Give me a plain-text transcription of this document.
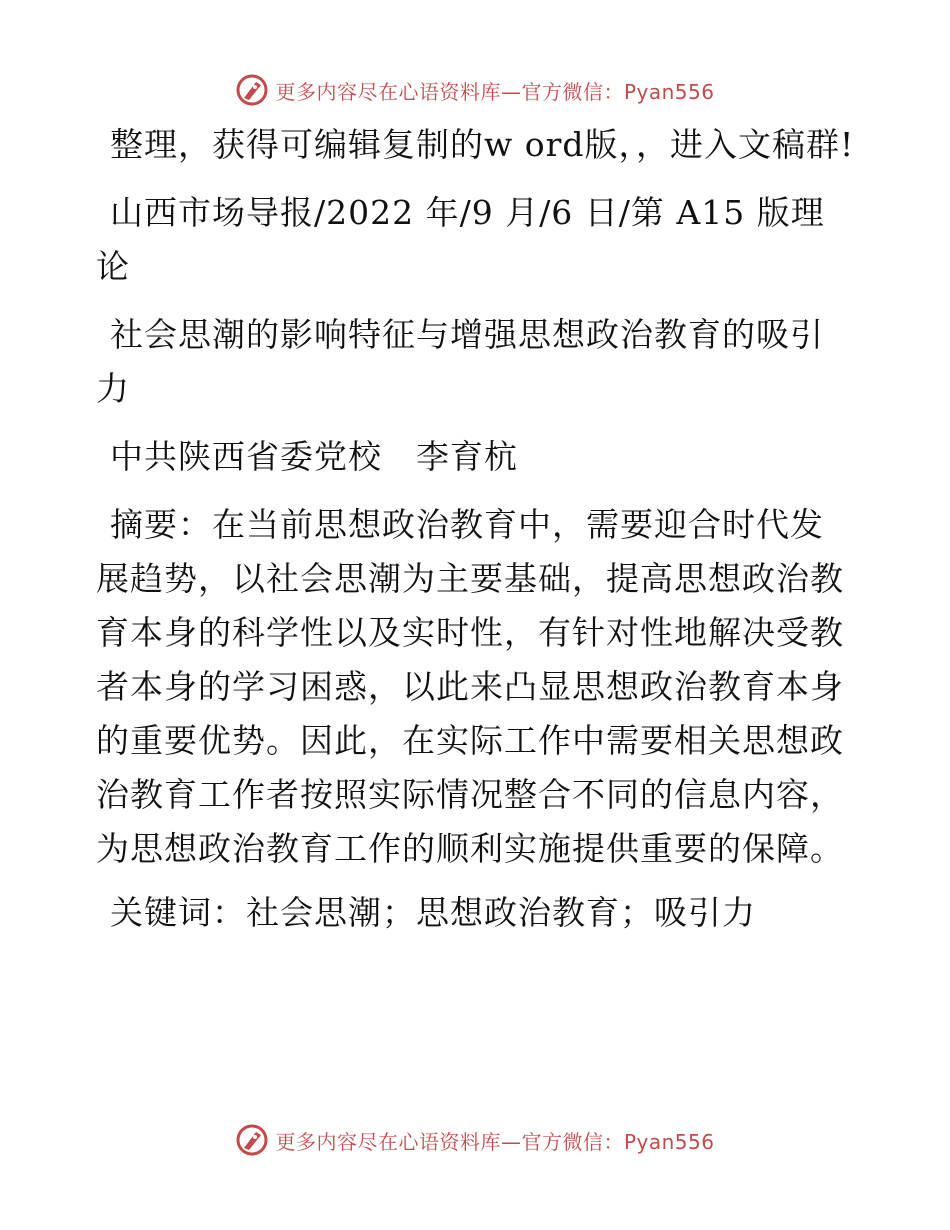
更多内容尽在心语资料库—官方微信：Pyan556

整理，获得可编辑复制的w ord版，，进入文稿群!

山西市场导报/2022 年/9 月/6 日/第 A15 版理论

社会思潮的影响特征与增强思想政治教育的吸引力

中共陕西省委党校　李育杭

摘要：在当前思想政治教育中，需要迎合时代发展趋势，以社会思潮为主要基础，提高思想政治教育本身的科学性以及实时性，有针对性地解决受教者本身的学习困惑，以此来凸显思想政治教育本身的重要优势。因此，在实际工作中需要相关思想政治教育工作者按照实际情况整合不同的信息内容，为思想政治教育工作的顺利实施提供重要的保障。

关键词：社会思潮；思想政治教育；吸引力

更多内容尽在心语资料库—官方微信：Pyan556
